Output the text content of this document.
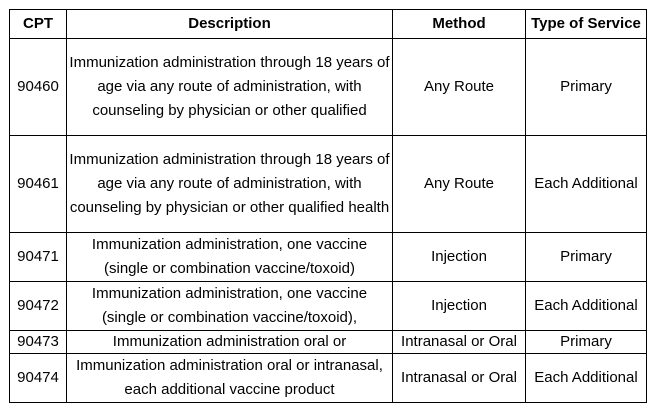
CPT	Description	Method	Type of Service
90460	Immunization administration through 18 years of age via any route of administration, with counseling by physician or other qualified	Any Route	Primary
90461	Immunization administration through 18 years of age via any route of administration, with counseling by physician or other qualified health	Any Route	Each Additional
90471	Immunization administration, one vaccine (single or combination vaccine/toxoid)	Injection	Primary
90472	Immunization administration, one vaccine (single or combination vaccine/toxoid),	Injection	Each Additional
90473	Immunization administration oral or	Intranasal or Oral	Primary
90474	Immunization administration oral or intranasal, each additional vaccine product	Intranasal or Oral	Each Additional
